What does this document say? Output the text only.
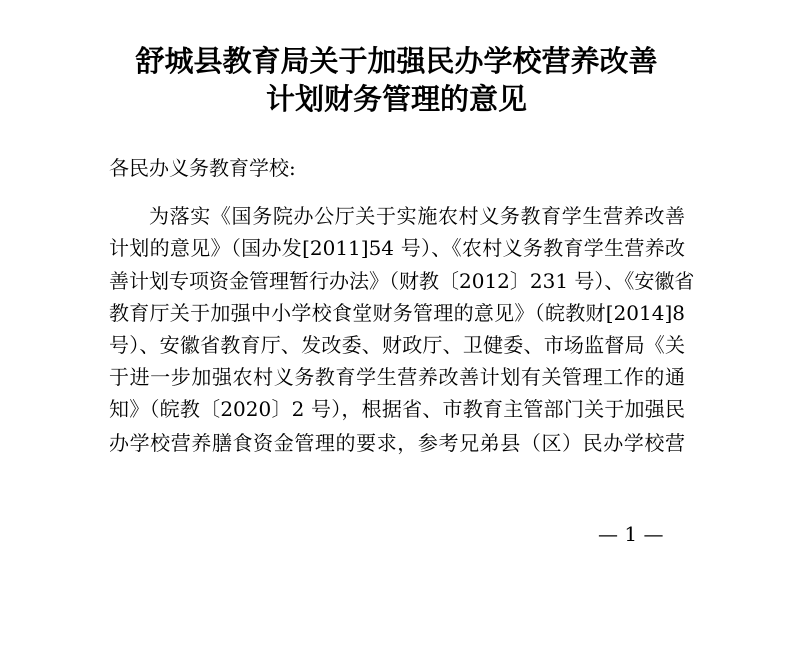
舒城县教育局关于加强民办学校营养改善
计划财务管理的意见
各民办义务教育学校:
为落实《国务院办公厅关于实施农村义务教育学生营养改善
计划的意见》（国办发[2011]54 号）、《农村义务教育学生营养改
善计划专项资金管理暂行办法》（财教〔2012〕231 号）、《安徽省
教育厅关于加强中小学校食堂财务管理的意见》（皖教财[2014]8
号）、安徽省教育厅、发改委、财政厅、卫健委、市场监督局《关
于进一步加强农村义务教育学生营养改善计划有关管理工作的通
知》（皖教〔2020〕2 号），根据省、市教育主管部门关于加强民
办学校营养膳食资金管理的要求，参考兄弟县（区）民办学校营
— 1 —
